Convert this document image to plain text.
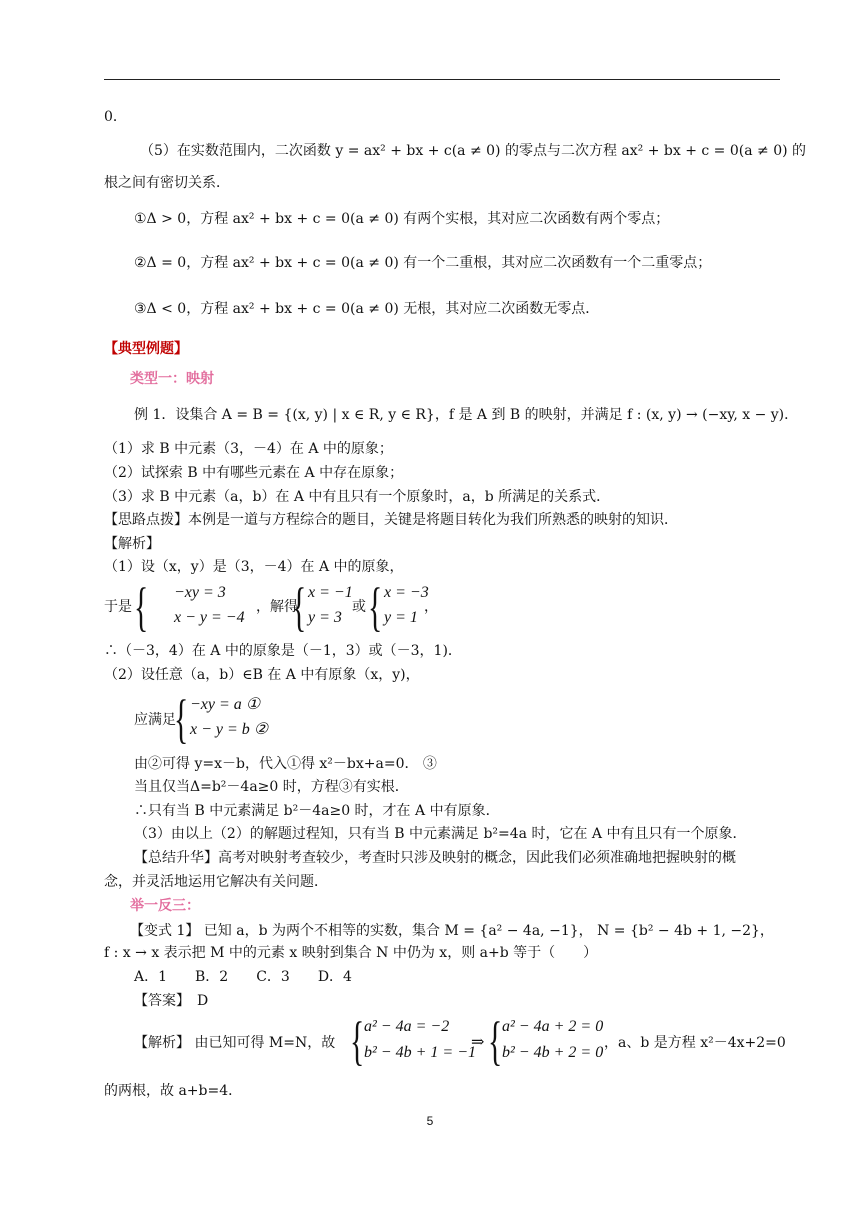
0．
（5）在实数范围内，二次函数 y = ax² + bx + c(a ≠ 0) 的零点与二次方程 ax² + bx + c = 0(a ≠ 0) 的
根之间有密切关系．
①Δ > 0，方程 ax² + bx + c = 0(a ≠ 0) 有两个实根，其对应二次函数有两个零点；
②Δ = 0，方程 ax² + bx + c = 0(a ≠ 0) 有一个二重根，其对应二次函数有一个二重零点；
③Δ < 0，方程 ax² + bx + c = 0(a ≠ 0) 无根，其对应二次函数无零点．
【典型例题】
类型一：映射
例 1．设集合 A = B = {(x, y) | x ∈ R, y ∈ R}，f 是 A 到 B 的映射，并满足 f : (x, y) → (−xy, x − y)．
（1）求 B 中元素（3，－4）在 A 中的原象；
（2）试探索 B 中有哪些元素在 A 中存在原象；
（3）求 B 中元素（a，b）在 A 中有且只有一个原象时，a，b 所满足的关系式．
【思路点拨】本例是一道与方程综合的题目，关键是将题目转化为我们所熟悉的映射的知识．
【解析】
（1）设（x，y）是（3，－4）在 A 中的原象，
于是 { −xy = 3
x − y = −4
，解得
{ x = −1
y = 3
或 { x = −3
y = 1
，
∴（－3，4）在 A 中的原象是（－1，3）或（－3，1)．
（2）设任意（a，b）∈B 在 A 中有原象（x，y)，
应满足
{ −xy = a ①
x − y = b ②
由②可得 y=x－b，代入①得 x²－bx+a=0． ③
当且仅当Δ=b²－4a≥0 时，方程③有实根．
∴只有当 B 中元素满足 b²－4a≥0 时，才在 A 中有原象．
（3）由以上（2）的解题过程知，只有当 B 中元素满足 b²=4a 时，它在 A 中有且只有一个原象．
【总结升华】高考对映射考查较少，考查时只涉及映射的概念，因此我们必须准确地把握映射的概
念，并灵活地运用它解决有关问题．
举一反三：
【变式 1】 已知 a，b 为两个不相等的实数，集合 M = {a² − 4a, −1}， N = {b² − 4b + 1, −2}，
f : x → x 表示把 M 中的元素 x 映射到集合 N 中仍为 x，则 a+b 等于（　　）
A．1　　B．2　　C．3　　D．4
【答案】　D
【解析】 由已知可得 M=N，故 { a² − 4a = −2
b² − 4b + 1 = −1
⇒ { a² − 4a + 2 = 0
b² − 4b + 2 = 0
，a、b 是方程 x²－4x+2=0
的两根，故 a+b=4．
5
